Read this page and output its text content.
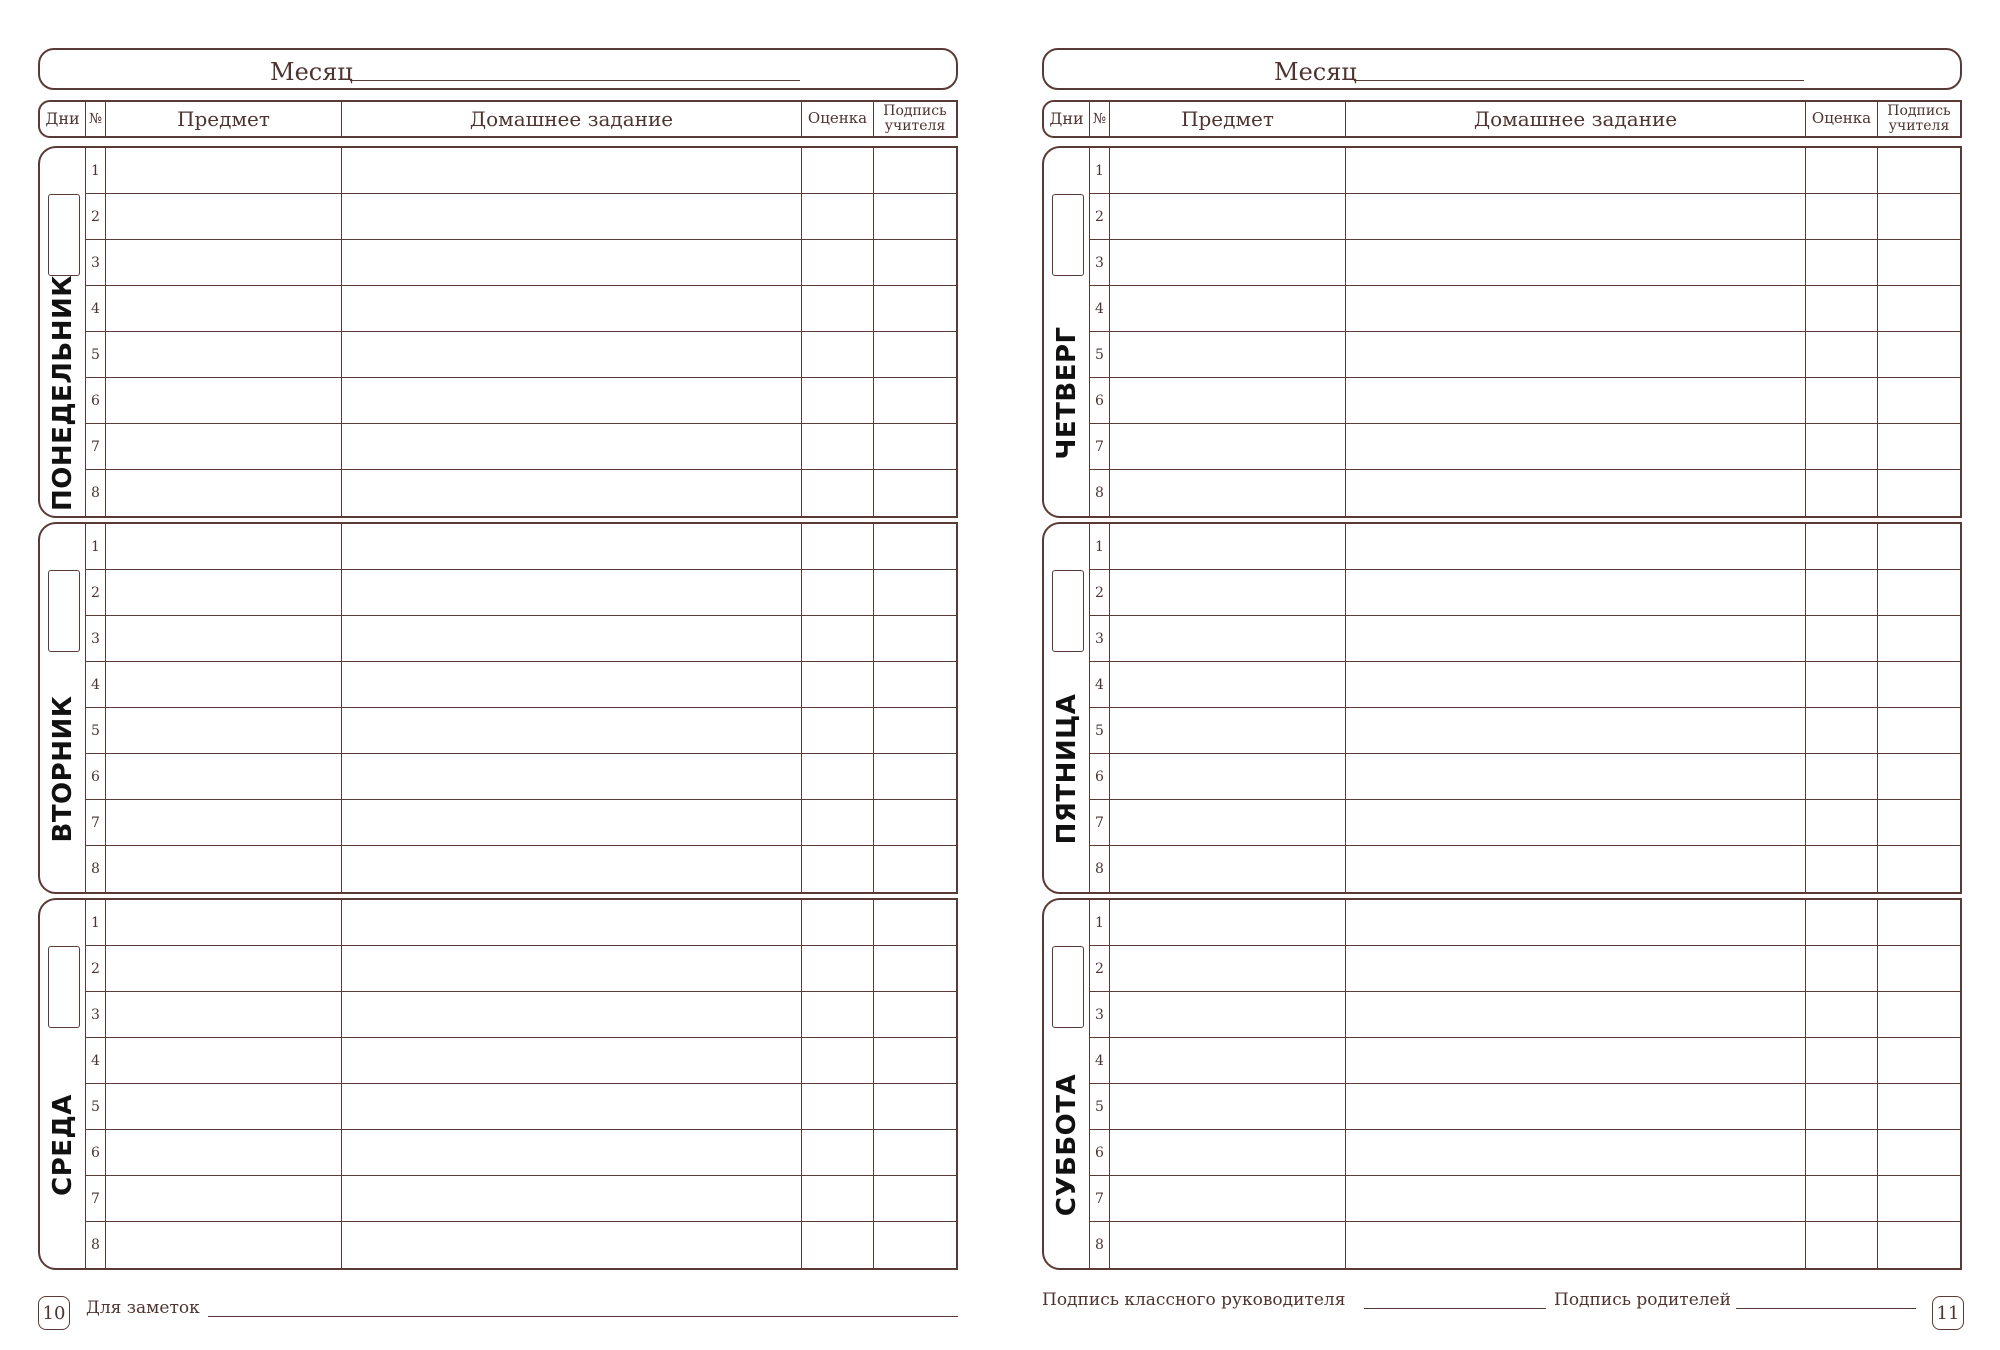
Месяц
Дни №	Предмет	Домашнее задание	Оценка	Подпись учителя
ПОНЕДЕЛЬНИК
1
2
3
4
5
6
7
8
ВТОРНИК
1
2
3
4
5
6
7
8
СРЕДА
1
2
3
4
5
6
7
8
10 Для заметок
Месяц
Дни №	Предмет	Домашнее задание	Оценка	Подпись учителя
ЧЕТВЕРГ
1
2
3
4
5
6
7
8
ПЯТНИЦА
1
2
3
4
5
6
7
8
СУББОТА
1
2
3
4
5
6
7
8
Подпись классного руководителя	Подпись родителей
11
